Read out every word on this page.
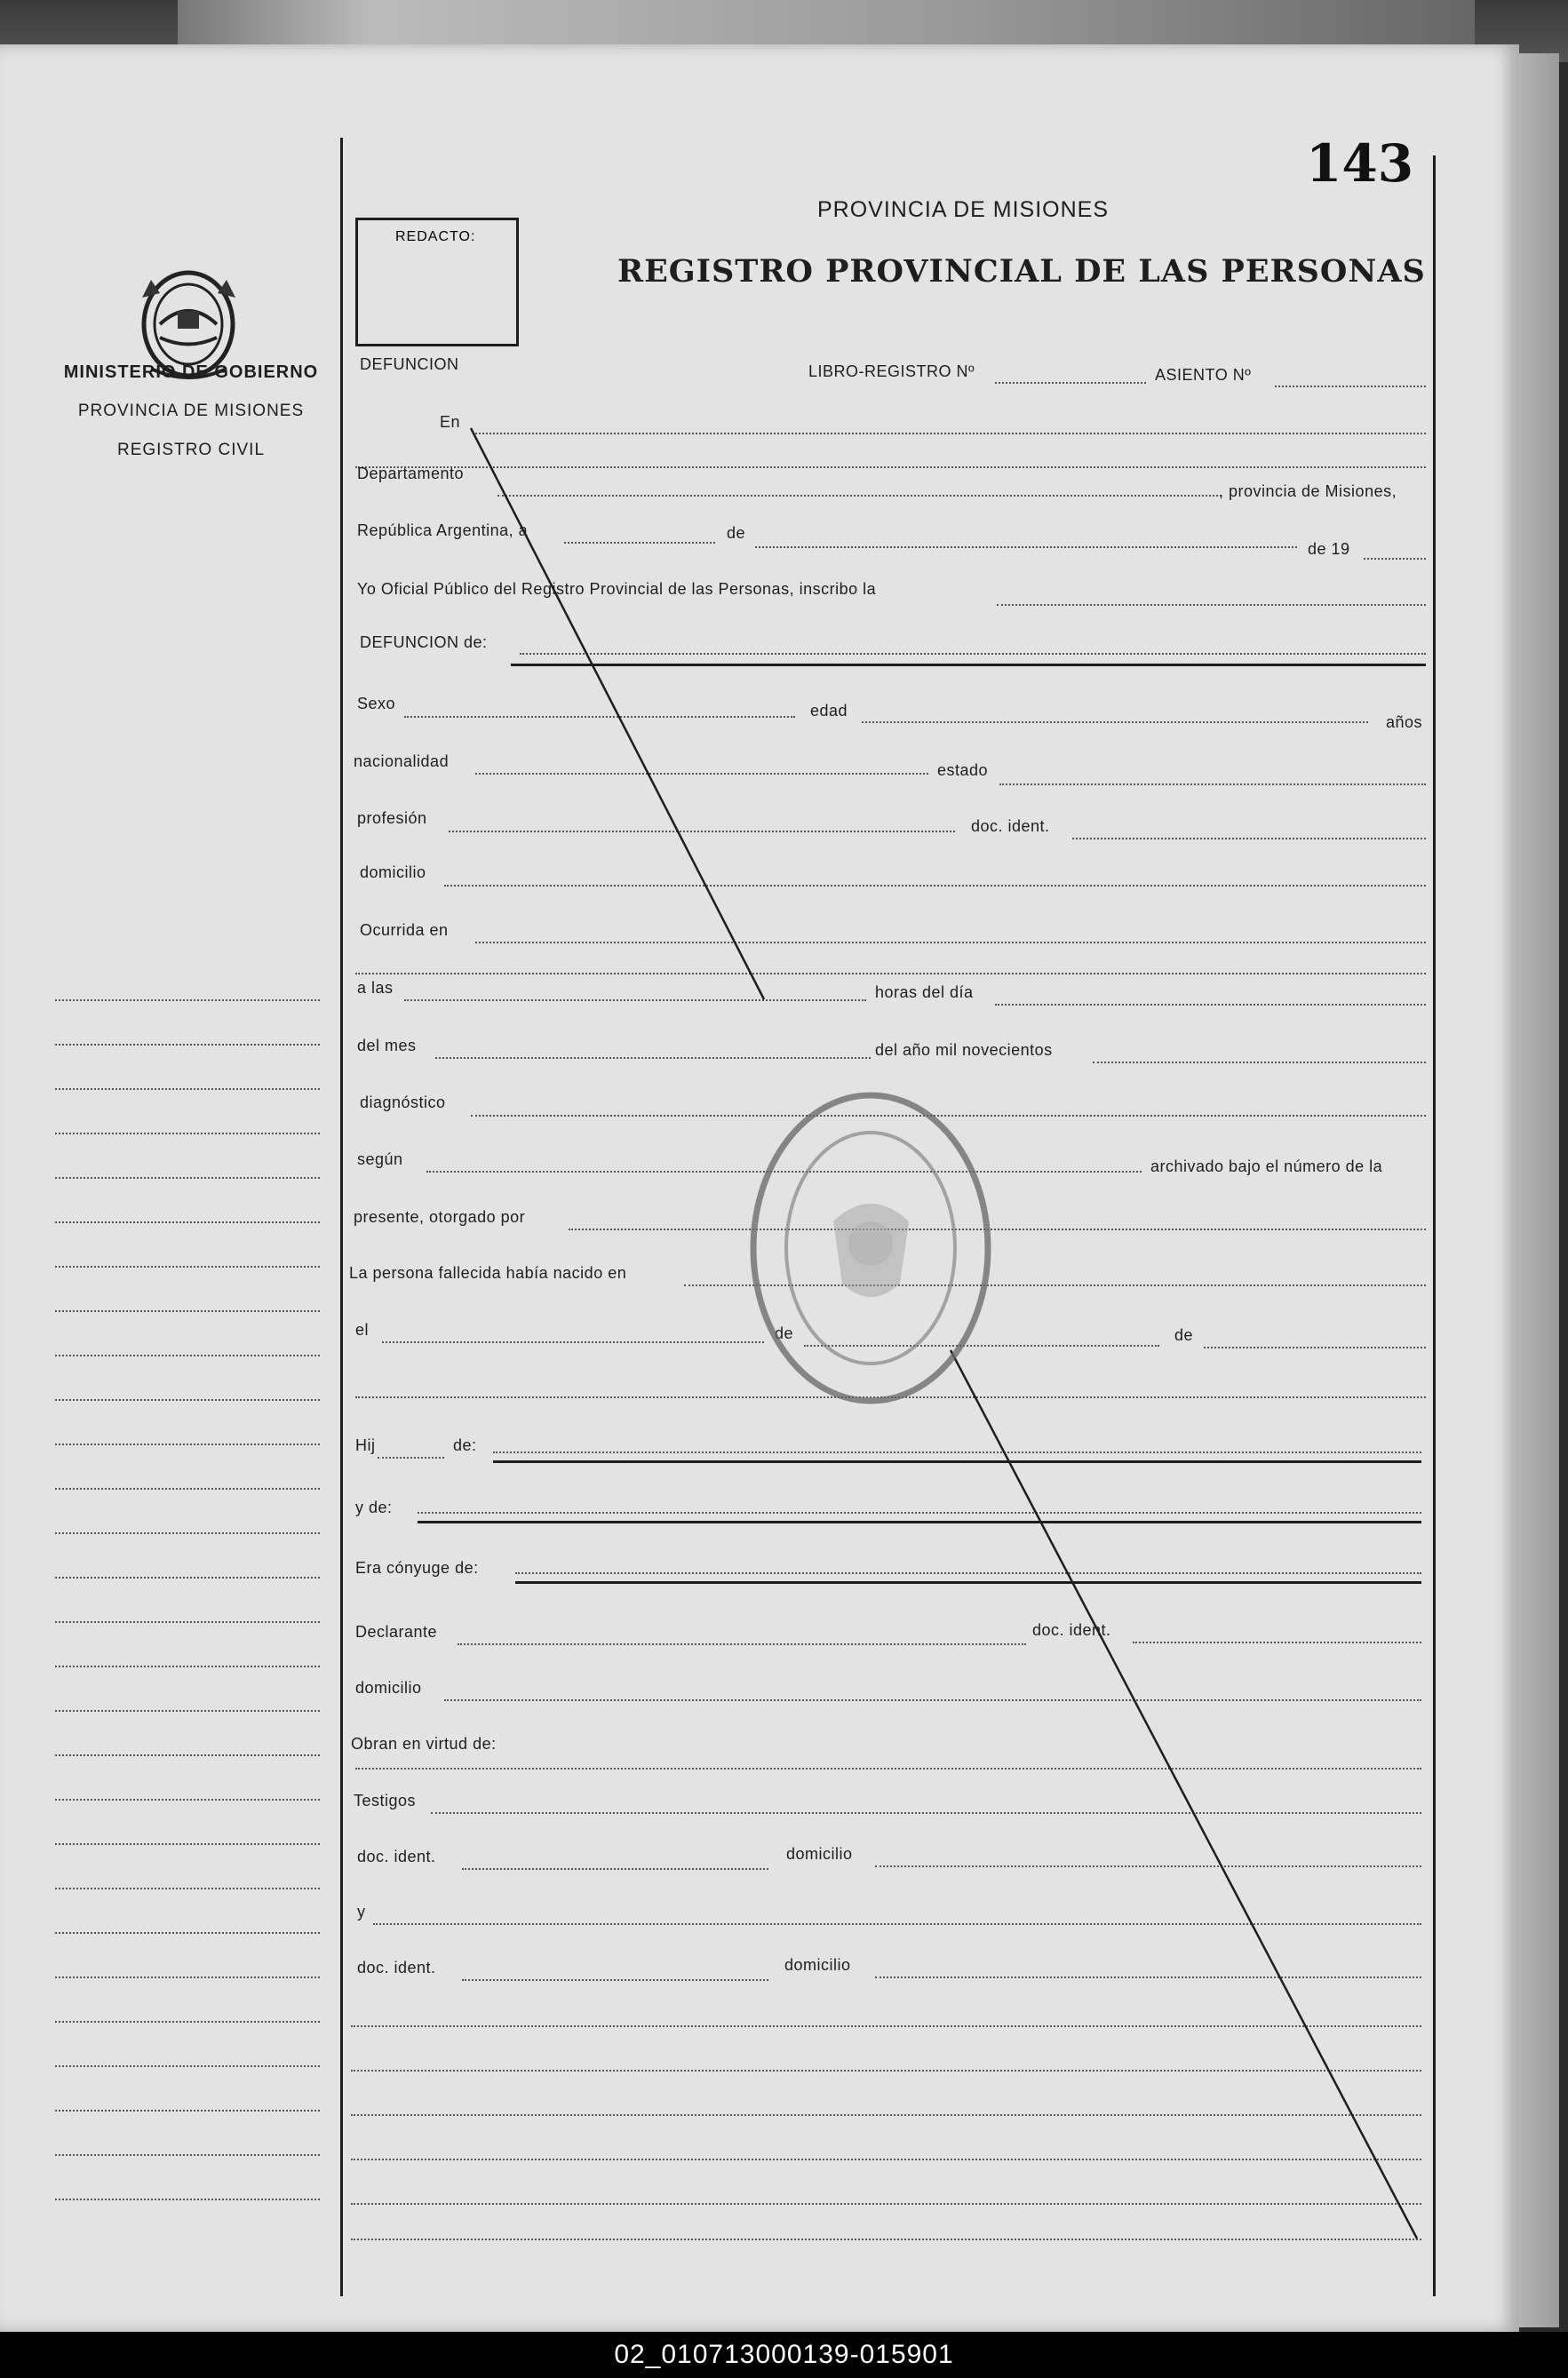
MINISTERIO DE GOBIERNO
PROVINCIA DE MISIONES
REGISTRO CIVIL
REDACTO:
143
PROVINCIA DE MISIONES
REGISTRO PROVINCIAL DE LAS PERSONAS
DEFUNCION	LIBRO-REGISTRO Nº	ASIENTO Nº
En
Departamento
, provincia de Misiones,
República Argentina, a	de
de 19
Yo Oficial Público del Registro Provincial de las Personas, inscribo la
DEFUNCION de:
Sexo	edad
años
nacionalidad	estado
profesión	doc. ident.
domicilio
Ocurrida en
a las	horas del día
del mes	del año mil novecientos
diagnóstico
según	archivado bajo el número de la
presente, otorgado por
La persona fallecida había nacido en
el	de	de
Hij	de:
y de:
Era cónyuge de:
Declarante	doc. ident.
domicilio
Obran en virtud de:
Testigos
doc. ident.	domicilio
y
doc. ident.	domicilio
02_010713000139-015901
